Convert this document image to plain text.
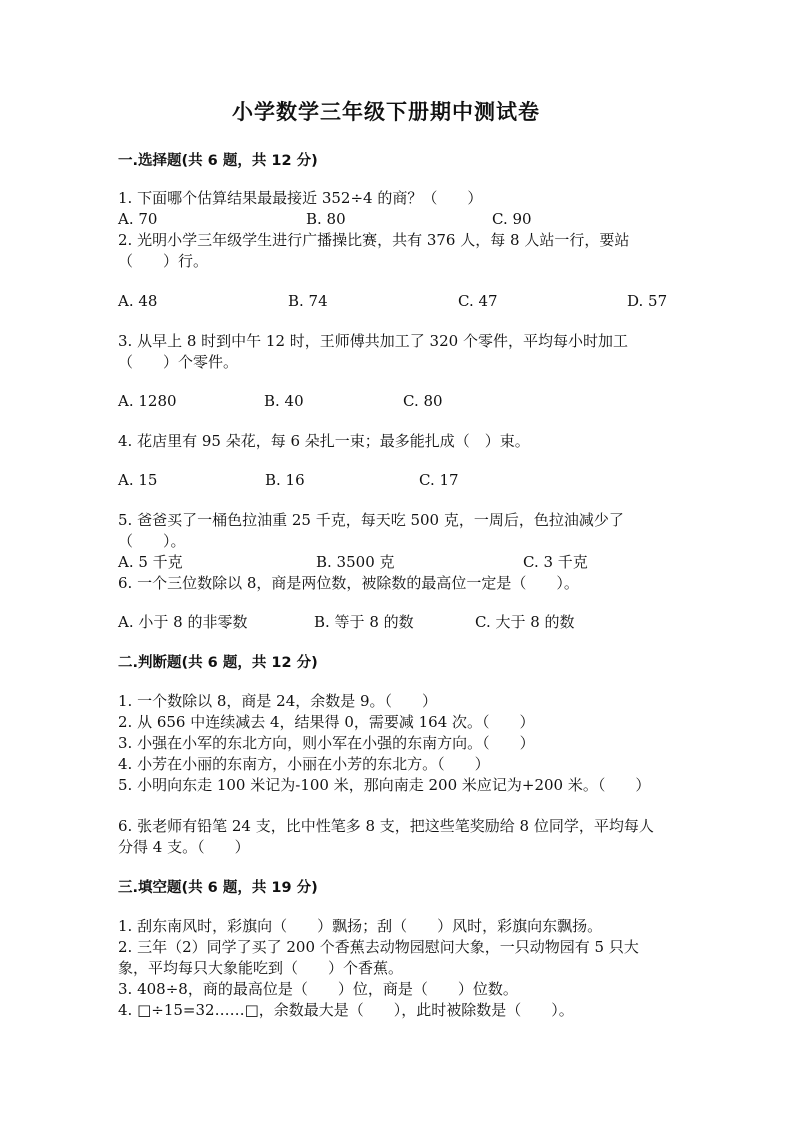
小学数学三年级下册期中测试卷
一.选择题(共 6 题，共 12 分)
1. 下面哪个估算结果最最接近 352÷4 的商？（　　）
A. 70	B. 80	C. 90
2. 光明小学三年级学生进行广播操比赛，共有 376 人，每 8 人站一行，要站
（　　）行。
A. 48	B. 74	C. 47	D. 57
3. 从早上 8 时到中午 12 时，王师傅共加工了 320 个零件，平均每小时加工
（　　）个零件。
A. 1280	B. 40	C. 80
4. 花店里有 95 朵花，每 6 朵扎一束；最多能扎成（　）束。
A. 15	B. 16	C. 17
5. 爸爸买了一桶色拉油重 25 千克，每天吃 500 克，一周后，色拉油减少了
（　　）。
A. 5 千克	B. 3500 克	C. 3 千克
6. 一个三位数除以 8，商是两位数，被除数的最高位一定是（　　）。
A. 小于 8 的非零数	B. 等于 8 的数	C. 大于 8 的数
二.判断题(共 6 题，共 12 分)
1. 一个数除以 8，商是 24，余数是 9。（　　）
2. 从 656 中连续减去 4，结果得 0，需要减 164 次。（　　）
3. 小强在小军的东北方向，则小军在小强的东南方向。（　　）
4. 小芳在小丽的东南方，小丽在小芳的东北方。（　　）
5. 小明向东走 100 米记为-100 米，那向南走 200 米应记为+200 米。（　　）
6. 张老师有铅笔 24 支，比中性笔多 8 支，把这些笔奖励给 8 位同学，平均每人
分得 4 支。（　　）
三.填空题(共 6 题，共 19 分)
1. 刮东南风时，彩旗向（　　）飘扬；刮（　　）风时，彩旗向东飘扬。
2. 三年（2）同学了买了 200 个香蕉去动物园慰问大象，一只动物园有 5 只大
象，平均每只大象能吃到（　　）个香蕉。
3. 408÷8，商的最高位是（　　）位，商是（　　）位数。
4. □÷15=32……□，余数最大是（　　），此时被除数是（　　）。
